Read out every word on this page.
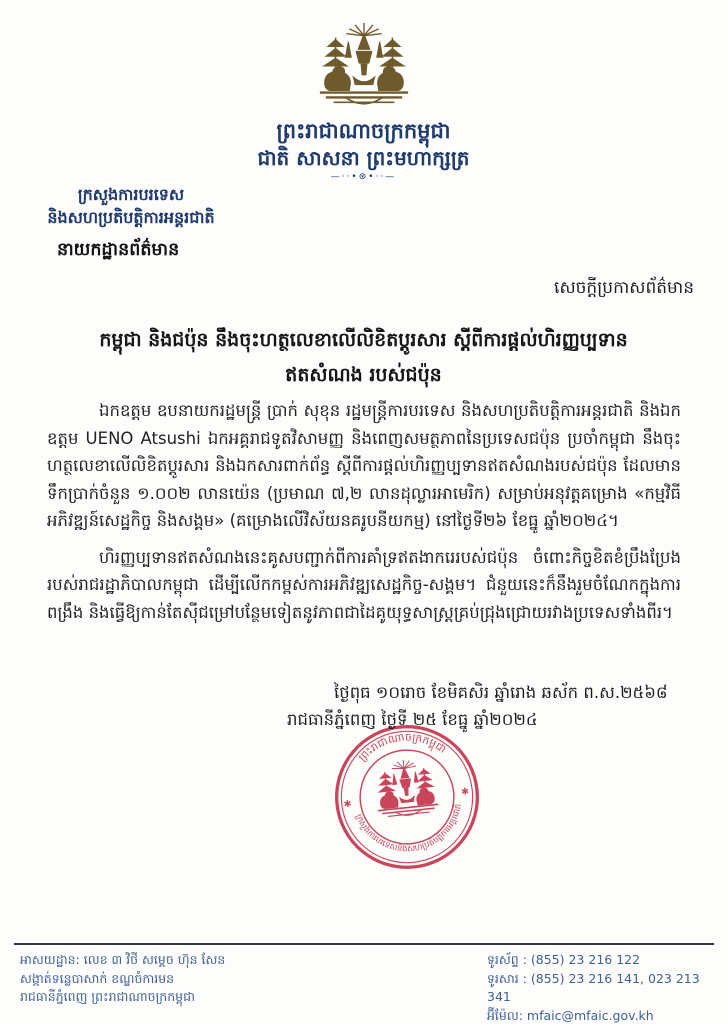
ព្រះរាជាណាចក្រកម្ពុជា
ជាតិ សាសនា ព្រះមហាក្សត្រ
—··•⊛•··—
ក្រសួងការបរទេស
និងសហប្រតិបត្តិការអន្តរជាតិ
នាយកដ្ឋានព័ត៌មាន
សេចក្ដីប្រកាសព័ត៌មាន
កម្ពុជា និងជប៉ុន នឹងចុះហត្ថលេខាលើលិខិតប្តូរសារ ស្តីពីការផ្តល់ហិរញ្ញប្បទាន
ឥតសំណង របស់ជប៉ុន

ឯកឧត្តម ឧបនាយករដ្ឋមន្ត្រី ប្រាក់ សុខុន រដ្ឋមន្ត្រីការបរទេស និងសហប្រតិបត្តិការអន្តរជាតិ និងឯកឧត្តម UENO Atsushi ឯកអគ្គរាជទូតវិសាមញ្ញ និងពេញសមត្ថភាពនៃប្រទេសជប៉ុន ប្រចាំកម្ពុជា នឹងចុះហត្ថលេខាលើលិខិតប្តូរសារ និងឯកសារពាក់ព័ន្ធ ស្តីពីការផ្តល់ហិរញ្ញប្បទានឥតសំណងរបស់ជប៉ុន ដែលមានទឹកប្រាក់ចំនួន ១.០០២ លានយ៉េន (ប្រមាណ ៧,២ លានដុល្លារអាមេរិក) សម្រាប់អនុវត្តគម្រោង «កម្មវិធីអភិវឌ្ឍន៍សេដ្ឋកិច្ច និងសង្គម» (គម្រោងលើវិស័យនគរូបនីយកម្ម) នៅថ្ងៃទី២៦ ខែធ្នូ ឆ្នាំ២០២៤។

ហិរញ្ញប្បទានឥតសំណងនេះគូសបញ្ជាក់ពីការគាំទ្រឥតងាករេរបស់ជប៉ុន ចំពោះកិច្ចខិតខំប្រឹងប្រែងរបស់រាជរដ្ឋាភិបាលកម្ពុជា ដើម្បីលើកកម្ពស់ការអភិវឌ្ឍសេដ្ឋកិច្ច-សង្គម។ ជំនួយនេះក៏នឹងរួមចំណែកក្នុងការពង្រឹង និងធ្វើឱ្យកាន់តែស៊ីជម្រៅបន្ថែមទៀតនូវភាពជាដៃគូយុទ្ធសាស្ត្រគ្រប់ជ្រុងជ្រោយរវាងប្រទេសទាំងពីរ។

ថ្ងៃពុធ ១០រោច ខែមិគសិរ ឆ្នាំរោង ឆស័ក ព.ស.២៥៦៨
រាជធានីភ្នំពេញ ថ្ងៃទី ២៥ ខែធ្នូ ឆ្នាំ២០២៤
ព្រះរាជាណាចក្រកម្ពុជា
ក្រសួងការបរទេសនិងសហប្រតិបត្តិការអន្តរជាតិ
✱
✱
អាសយដ្ឋាន: លេខ ៣ វិថី សម្តេច ហ៊ុន សែន
សង្កាត់ទន្លេបាសាក់ ខណ្ឌចំការមន
រាជធានីភ្នំពេញ ព្រះរាជាណាចក្រកម្ពុជា
ទូរស័ព្ទ : (855) 23 216 122
ទូរសារ : (855) 23 216 141, 023 213 341
អ៊ីម៉ែល: mfaic@mfaic.gov.kh
